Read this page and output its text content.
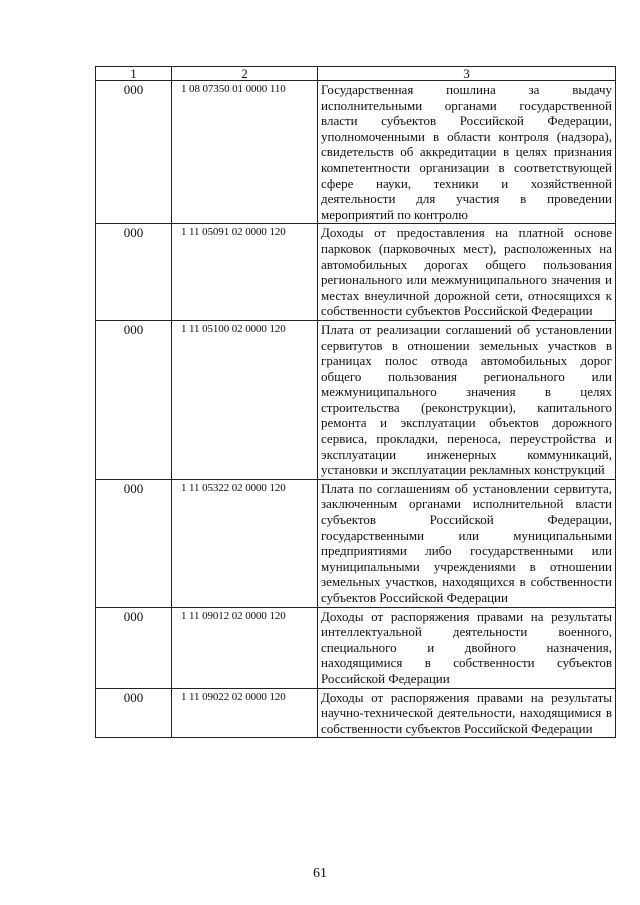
1	2	3
000	1 08 07350 01 0000 110	Государственная пошлина за выдачу исполнительными органами государственной власти субъектов Российской Федерации, уполномоченными в области контроля (надзора), свидетельств об аккредитации в целях признания компетентности организации в соответствующей сфере науки, техники и хозяйственной деятельности для участия в проведении мероприятий по контролю
000	1 11 05091 02 0000 120	Доходы от предоставления на платной основе парковок (парковочных мест), расположенных на автомобильных дорогах общего пользования регионального или межмуниципального значения и местах внеуличной дорожной сети, относящихся к собственности субъектов Российской Федерации
000	1 11 05100 02 0000 120	Плата от реализации соглашений об установлении сервитутов в отношении земельных участков в границах полос отвода автомобильных дорог общего пользования регионального или межмуниципального значения в целях строительства (реконструкции), капитального ремонта и эксплуатации объектов дорожного сервиса, прокладки, переноса, переустройства и эксплуатации инженерных коммуникаций, установки и эксплуатации рекламных конструкций
000	1 11 05322 02 0000 120	Плата по соглашениям об установлении сервитута, заключенным органами исполнительной власти субъектов Российской Федерации, государственными или муниципальными предприятиями либо государственными или муниципальными учреждениями в отношении земельных участков, находящихся в собственности субъектов Российской Федерации
000	1 11 09012 02 0000 120	Доходы от распоряжения правами на результаты интеллектуальной деятельности военного, специального и двойного назначения, находящимися в собственности субъектов Российской Федерации
000	1 11 09022 02 0000 120	Доходы от распоряжения правами на результаты научно-технической деятельности, находящимися в собственности субъектов Российской Федерации
61
